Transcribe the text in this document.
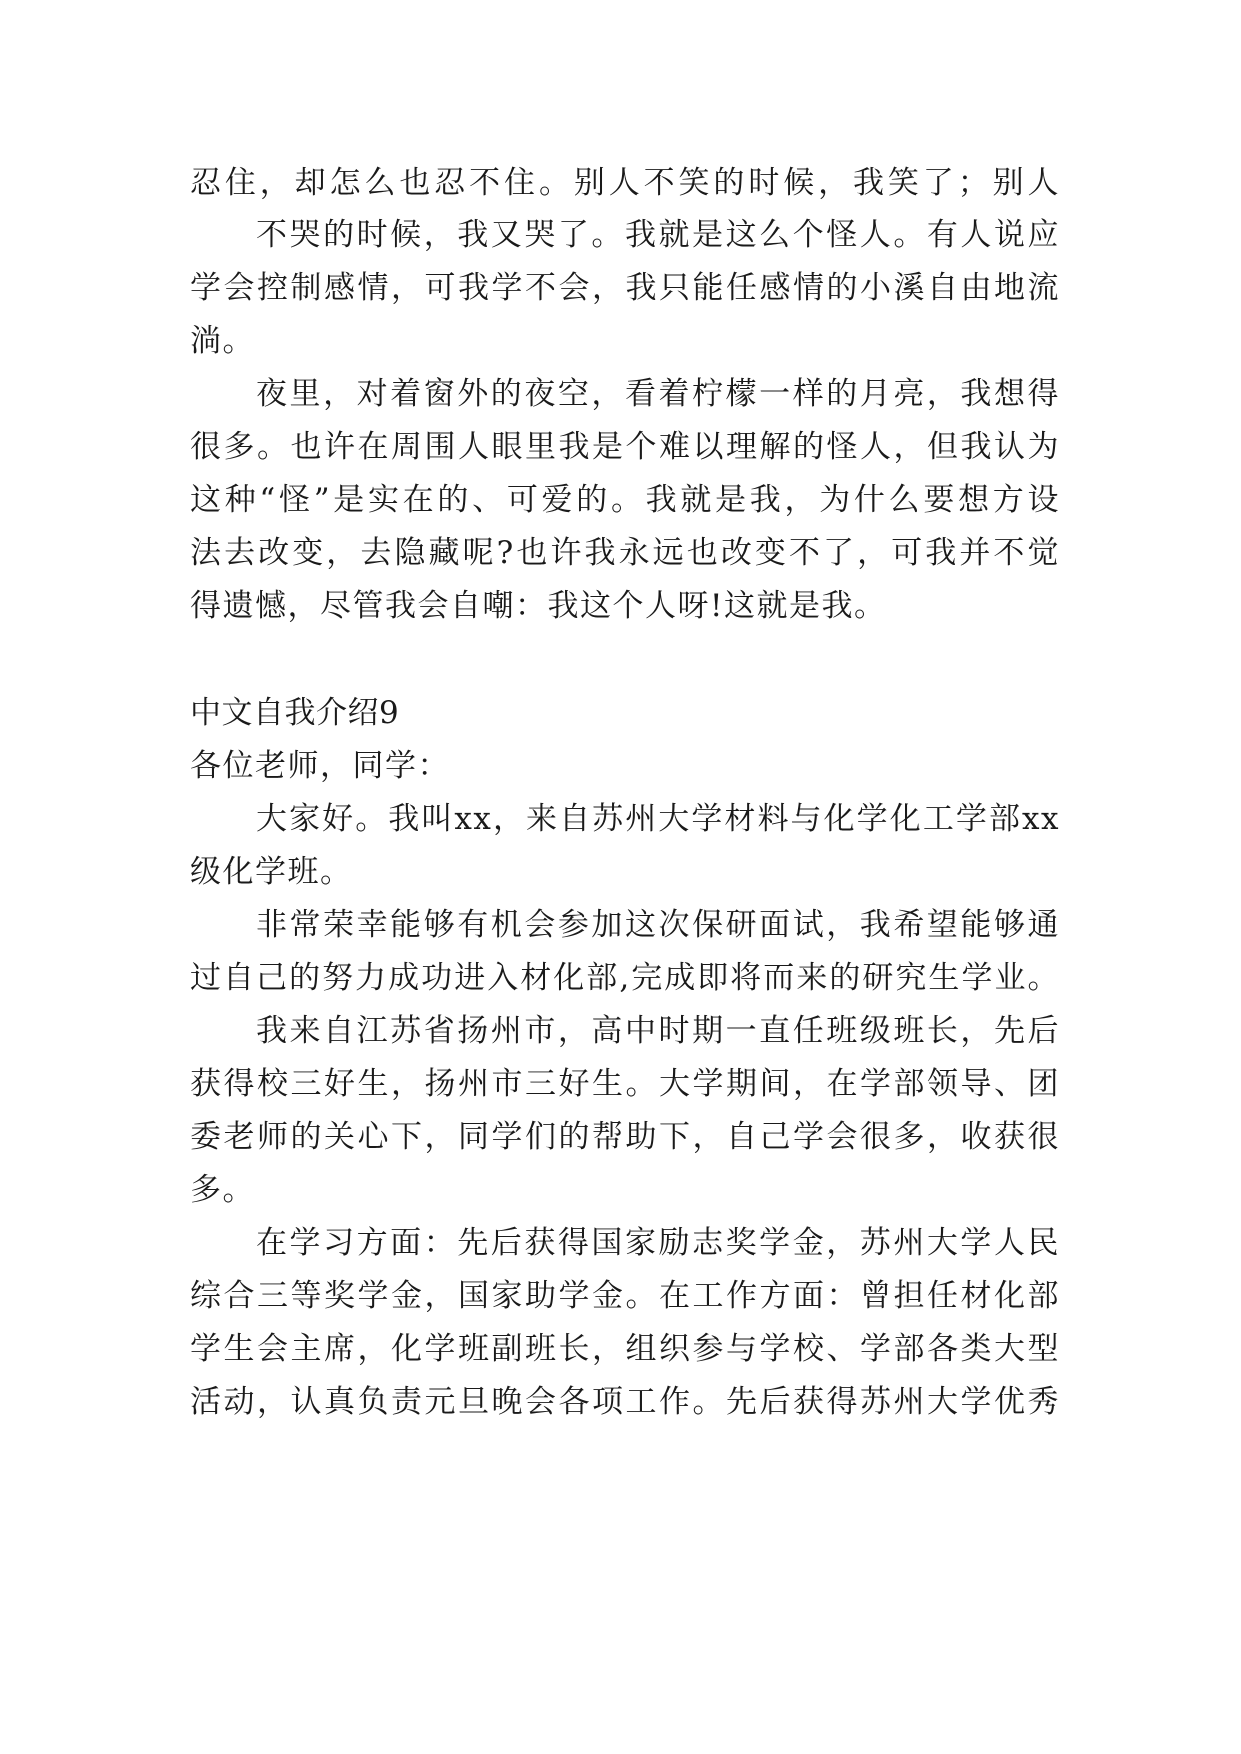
忍住，却怎么也忍不住。别人不笑的时候，我笑了；别人

不哭的时候，我又哭了。我就是这么个怪人。有人说应

学会控制感情，可我学不会，我只能任感情的小溪自由地流

淌。

夜里，对着窗外的夜空，看着柠檬一样的月亮，我想得

很多。也许在周围人眼里我是个难以理解的怪人，但我认为

这种“怪”是实在的、可爱的。我就是我，为什么要想方设

法去改变，去隐藏呢?也许我永远也改变不了，可我并不觉

得遗憾，尽管我会自嘲：我这个人呀!这就是我。

中文自我介绍9

各位老师，同学：

大家好。我叫xx，来自苏州大学材料与化学化工学部xx

级化学班。

非常荣幸能够有机会参加这次保研面试，我希望能够通

过自己的努力成功进入材化部,完成即将而来的研究生学业。

我来自江苏省扬州市，高中时期一直任班级班长，先后

获得校三好生，扬州市三好生。大学期间，在学部领导、团

委老师的关心下，同学们的帮助下，自己学会很多，收获很

多。

在学习方面：先后获得国家励志奖学金，苏州大学人民

综合三等奖学金，国家助学金。在工作方面：曾担任材化部

学生会主席，化学班副班长，组织参与学校、学部各类大型

活动，认真负责元旦晚会各项工作。先后获得苏州大学优秀
